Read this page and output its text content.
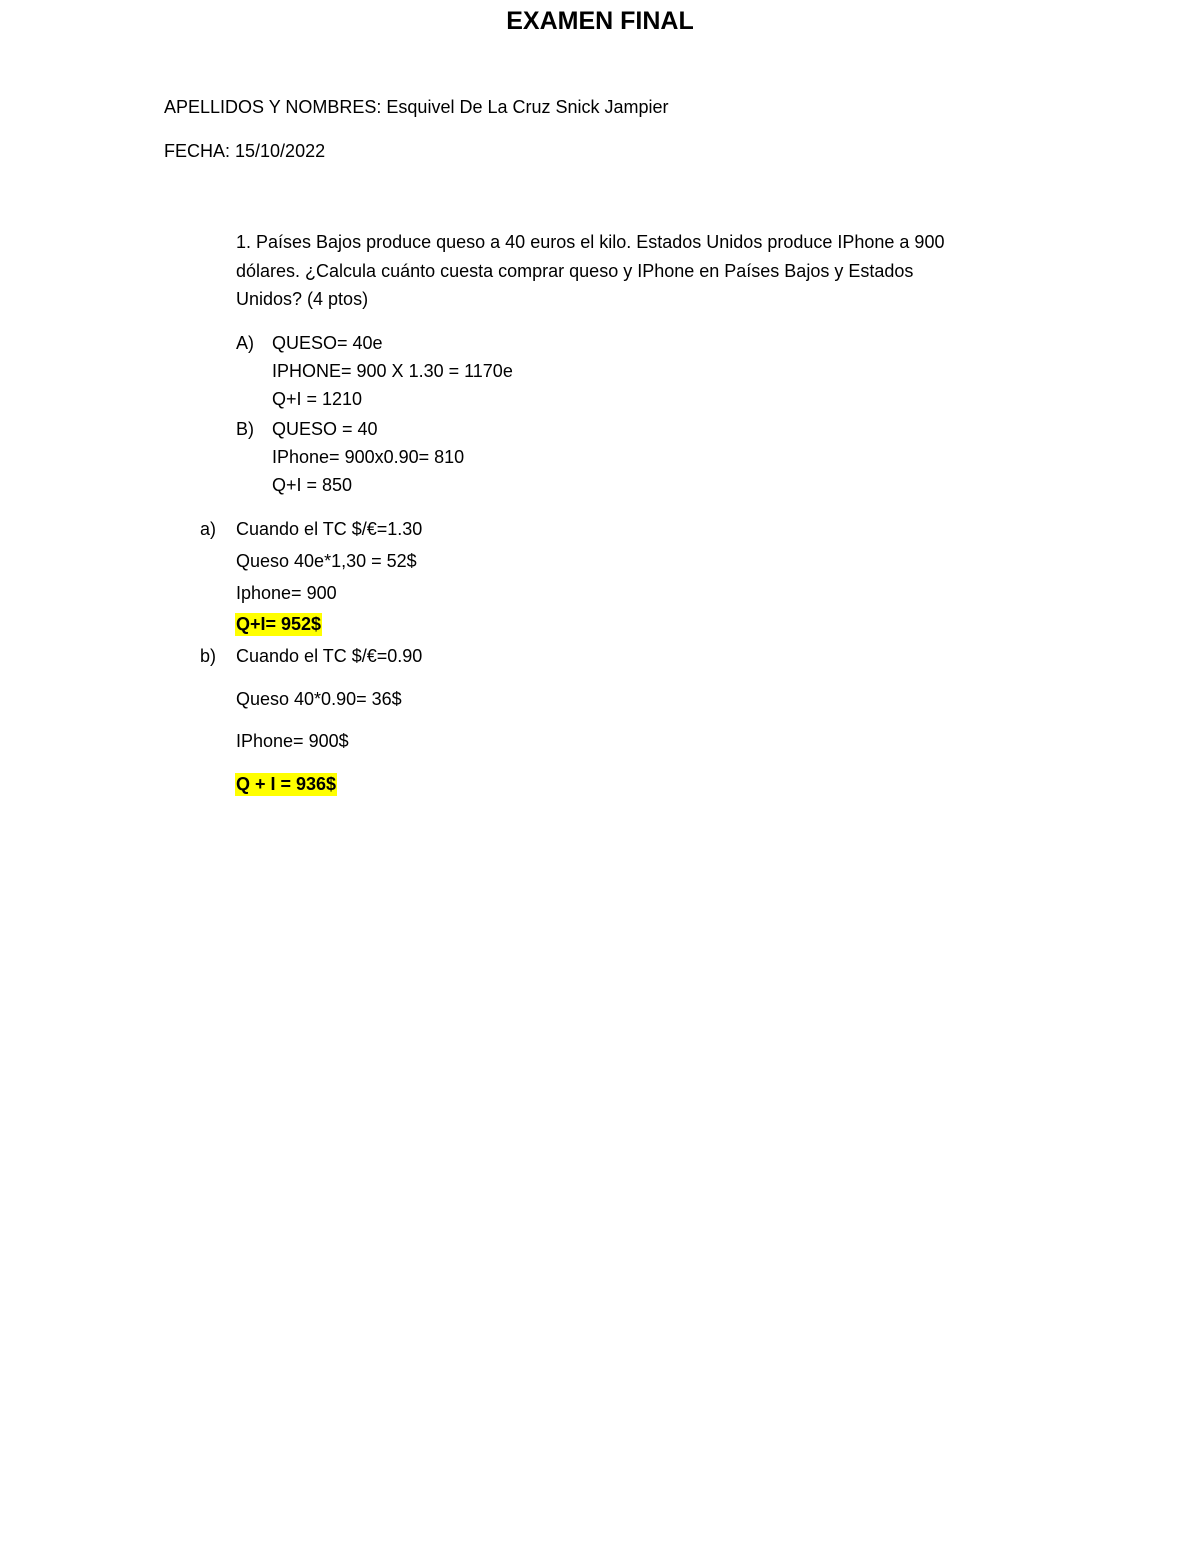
EXAMEN FINAL
APELLIDOS Y NOMBRES: Esquivel De La Cruz Snick Jampier
FECHA: 15/10/2022
1. Países Bajos produce queso a 40 euros el kilo. Estados Unidos produce IPhone a 900
dólares. ¿Calcula cuánto cuesta comprar queso y IPhone en Países Bajos y Estados
Unidos? (4 ptos)
A) QUESO= 40e
IPHONE= 900 X 1.30 = 1170e
Q+I = 1210
B) QUESO = 40
IPhone= 900x0.90= 810
Q+I = 850
a) Cuando el TC $/€=1.30
Queso 40e*1,30 = 52$
Iphone= 900
Q+I= 952$
b) Cuando el TC $/€=0.90
Queso 40*0.90= 36$
IPhone= 900$
Q + I = 936$
